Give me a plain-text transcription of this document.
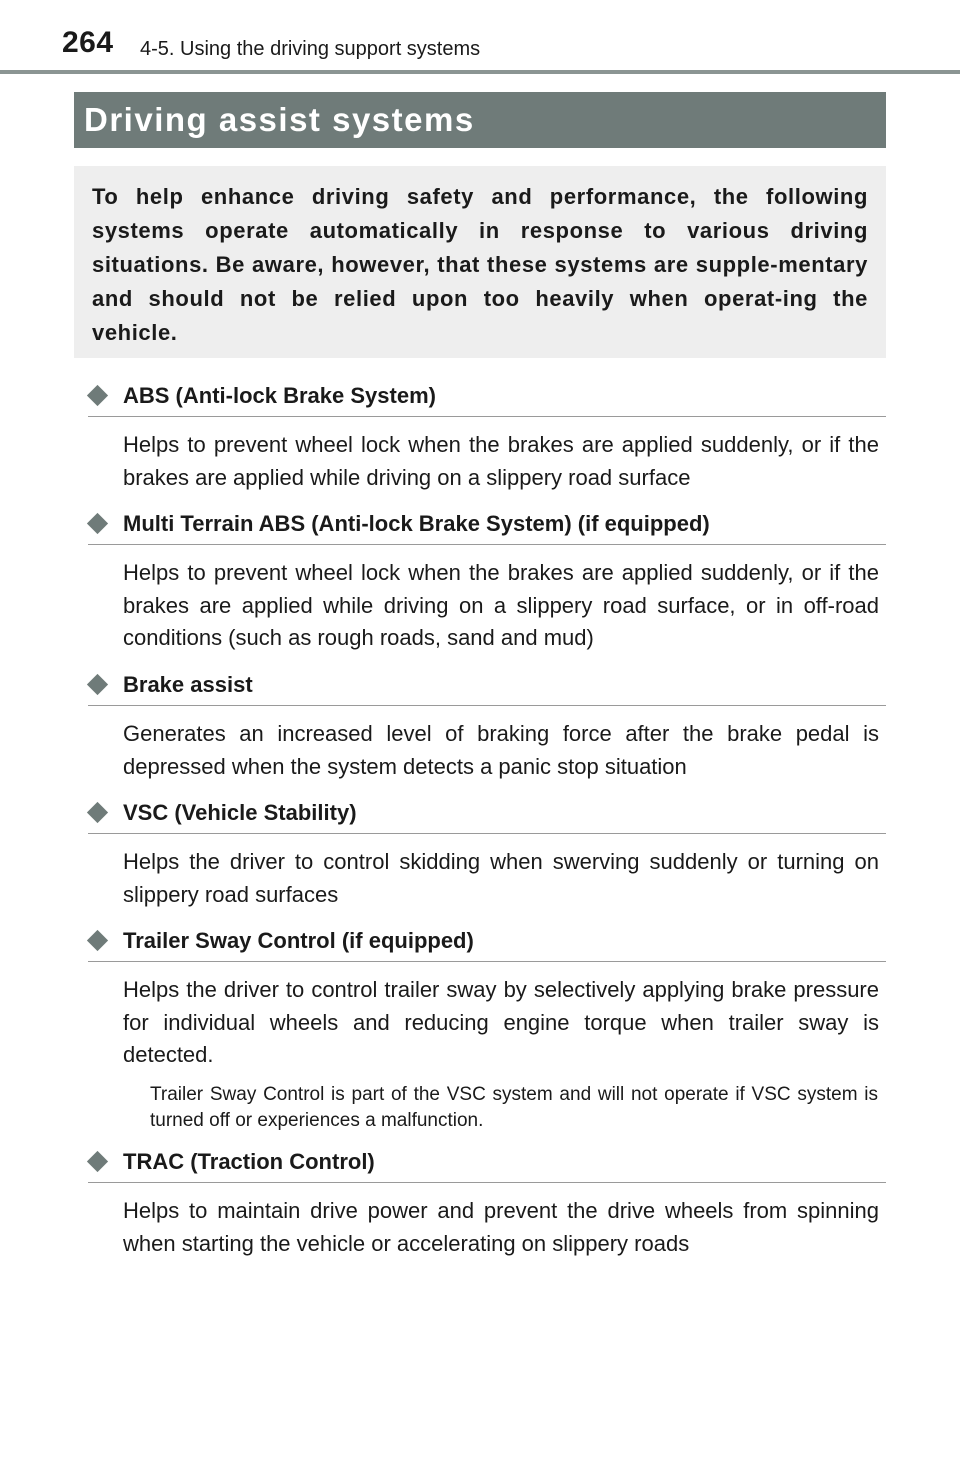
264 4-5. Using the driving support systems
Driving assist systems

To help enhance driving safety and performance, the following systems operate automatically in response to various driving situations. Be aware, however, that these systems are supple-mentary and should not be relied upon too heavily when operat-ing the vehicle.

ABS (Anti-lock Brake System)
Helps to prevent wheel lock when the brakes are applied suddenly, or if the brakes are applied while driving on a slippery road surface
Multi Terrain ABS (Anti-lock Brake System) (if equipped)
Helps to prevent wheel lock when the brakes are applied suddenly, or if the brakes are applied while driving on a slippery road surface, or in off-road conditions (such as rough roads, sand and mud)
Brake assist
Generates an increased level of braking force after the brake pedal is depressed when the system detects a panic stop situation
VSC (Vehicle Stability)
Helps the driver to control skidding when swerving suddenly or turning on slippery road surfaces
Trailer Sway Control (if equipped)
Helps the driver to control trailer sway by selectively applying brake pressure for individual wheels and reducing engine torque when trailer sway is detected.
Trailer Sway Control is part of the VSC system and will not operate if VSC system is turned off or experiences a malfunction.
TRAC (Traction Control)
Helps to maintain drive power and prevent the drive wheels from spinning when starting the vehicle or accelerating on slippery roads
